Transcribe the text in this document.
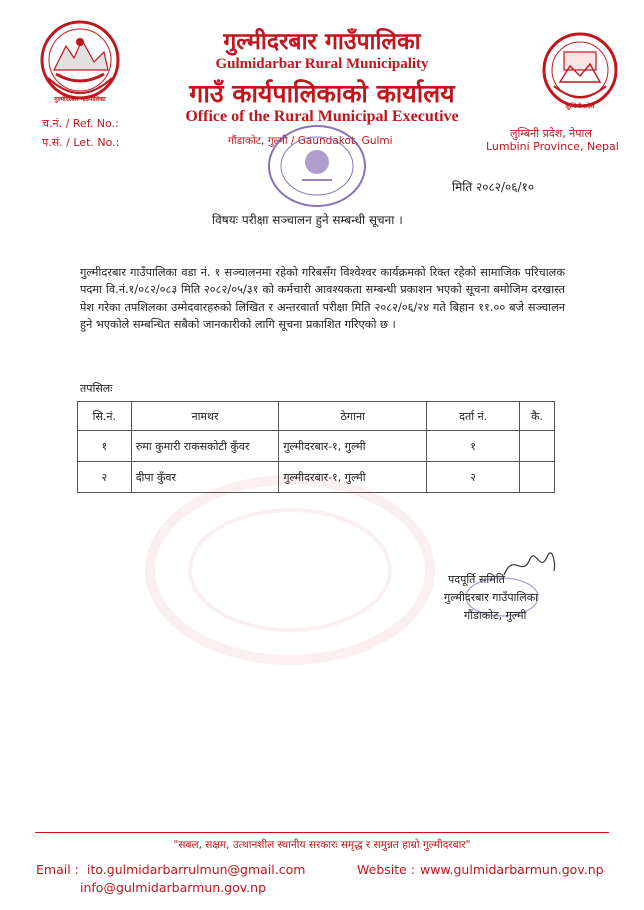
गुल्मीदरबार गाउँपालिका
लुम्बिनी प्रदेश
गुल्मीदरबार गाउँपालिका
Gulmidarbar Rural Municipality
गाउँ कार्यपालिकाको कार्यालय
Office of the Rural Municipal Executive
गौंडाकोट, गुल्मी / Gaundakot, Gulmi
च.नं. / Ref. No.:
प.सं. / Let. No.:
लुम्बिनी प्रदेश, नेपाल
Lumbini Province, Nepal
मिति २०८२/०६/१०
विषयः परीक्षा सञ्चालन हुने सम्बन्धी सूचना ।
गुल्मीदरबार गाउँपालिका वडा नं. १ सञ्चालनमा रहेको गरिबसँग विश्वेश्वर कार्यक्रमको रिक्त रहेको सामाजिक परिचालक पदमा वि.नं.१/०८२/०८३ मिति २०८२/०५/३१ को कर्मचारी आवश्यकता सम्बन्धी प्रकाशन भएको सूचना बमोजिम दरखास्त पेश गरेका तपशिलका उम्मेदवारहरुको लिखित र अन्तरवार्ता परीक्षा मिति २०८२/०६/२४ गते बिहान ११.०० बजे सञ्चालन हुने भएकोले सम्बन्धित सबैको जानकारीको लागि सूचना प्रकाशित गरिएको छ ।
तपसिलः
सि.नं.	नामथर	ठेगाना	दर्ता नं.	कै.
१	रुमा कुमारी राकसकोटी कुँवर	गुल्मीदरबार-१, गुल्मी	१	
२	दीपा कुँवर	गुल्मीदरबार-१, गुल्मी	२	
पदपूर्ति समिति
गुल्मीदरबार गाउँपालिका
गौंडाकोट, गुल्मी
"सबल, सक्षम, उत्थानशील स्थानीय सरकारः समृद्ध र समुन्नत हाम्रो गुल्मीदरबार"
Email : ito.gulmidarbarrulmun@gmail.com
info@gulmidarbarmun.gov.np
Website : www.gulmidarbarmun.gov.np
